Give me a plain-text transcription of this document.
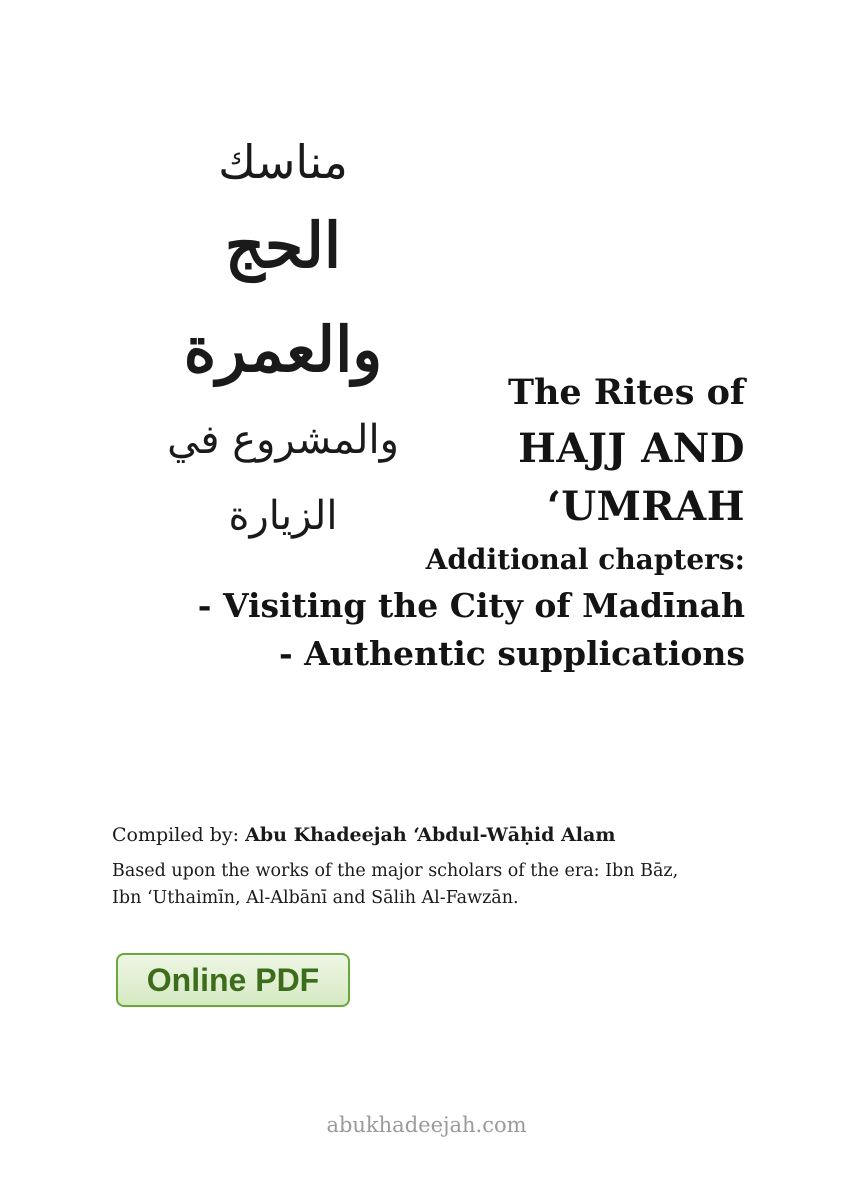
مناسك
الحج والعمرة
والمشروع في الزيارة
The Rites of
HAJJ AND
‘UMRAH
Additional chapters:
- Visiting the City of Madīnah
- Authentic supplications
Compiled by: Abu Khadeejah ‘Abdul-Wāḥid Alam
Based upon the works of the major scholars of the era: Ibn Bāz,
Ibn ‘Uthaimīn, Al-Albānī and Sālih Al-Fawzān.
Online PDF
abukhadeejah.com
